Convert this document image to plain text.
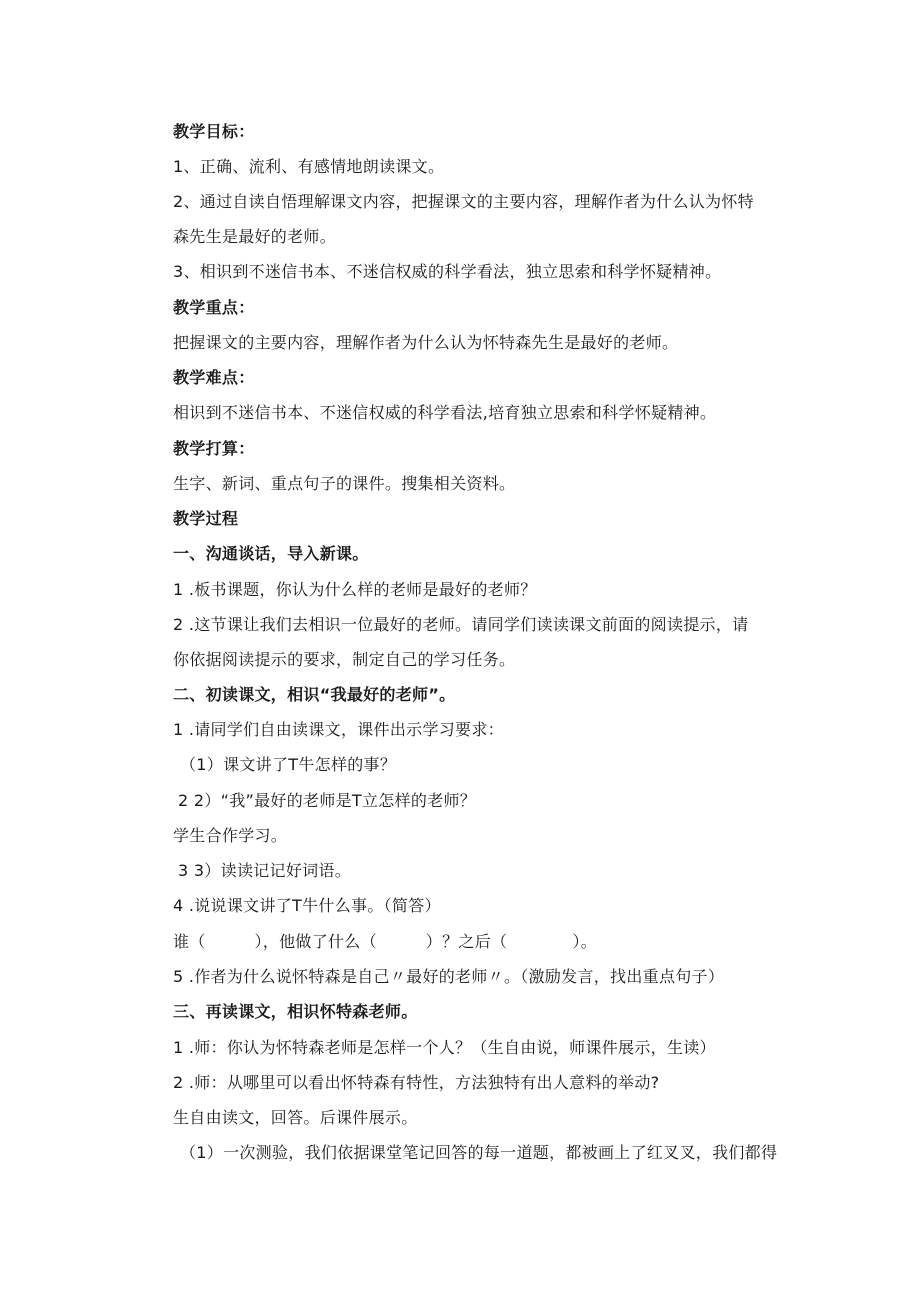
教学目标：
1、正确、流利、有感情地朗读课文。
2、通过自读自悟理解课文内容，把握课文的主要内容，理解作者为什么认为怀特
森先生是最好的老师。
3、相识到不迷信书本、不迷信权威的科学看法，独立思索和科学怀疑精神。
教学重点：
把握课文的主要内容，理解作者为什么认为怀特森先生是最好的老师。
教学难点：
相识到不迷信书本、不迷信权威的科学看法,培育独立思索和科学怀疑精神。
教学打算：
生字、新词、重点句子的课件。搜集相关资料。
教学过程
一、沟通谈话，导入新课。
1 .板书课题，你认为什么样的老师是最好的老师？
2 .这节课让我们去相识一位最好的老师。请同学们读读课文前面的阅读提示，请
你依据阅读提示的要求，制定自己的学习任务。
二、初读课文，相识“我最好的老师”。
1 .请同学们自由读课文，课件出示学习要求：
（1）课文讲了T牛怎样的事？
2 2）“我”最好的老师是T立怎样的老师？
学生合作学习。
3 3）读读记记好词语。
4 .说说课文讲了T牛什么事。（简答）
谁（　　　），他做了什么（　　　）？之后（　　　　）。
5 .作者为什么说怀特森是自己〃最好的老师〃。（激励发言，找出重点句子）
三、再读课文，相识怀特森老师。
1 .师：你认为怀特森老师是怎样一个人？（生自由说，师课件展示，生读）
2 .师：从哪里可以看出怀特森有特性，方法独特有出人意料的举动?
生自由读文，回答。后课件展示。
（1）一次测验，我们依据课堂笔记回答的每一道题，都被画上了红叉叉，我们都得
